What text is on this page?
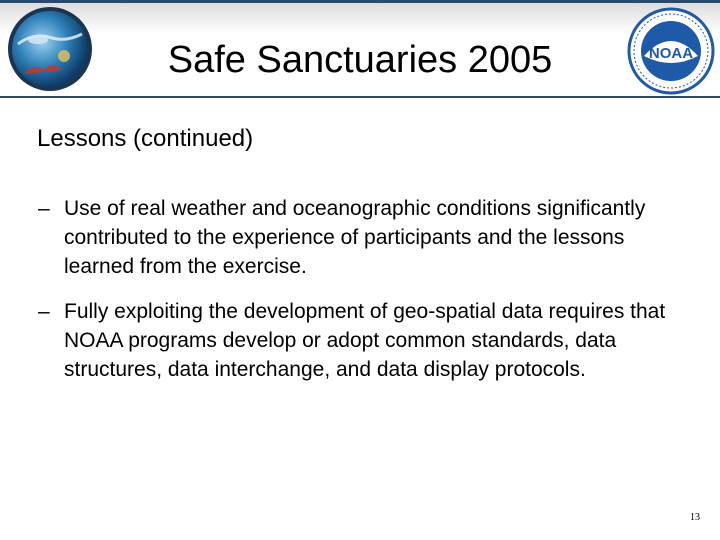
Safe Sanctuaries 2005	NOAA
Lessons (continued)
– Use of real weather and oceanographic conditions significantly contributed to the experience of participants and the lessons learned from the exercise.
– Fully exploiting the development of geo-spatial data requires that NOAA programs develop or adopt common standards, data structures, data interchange, and data display protocols.
13
